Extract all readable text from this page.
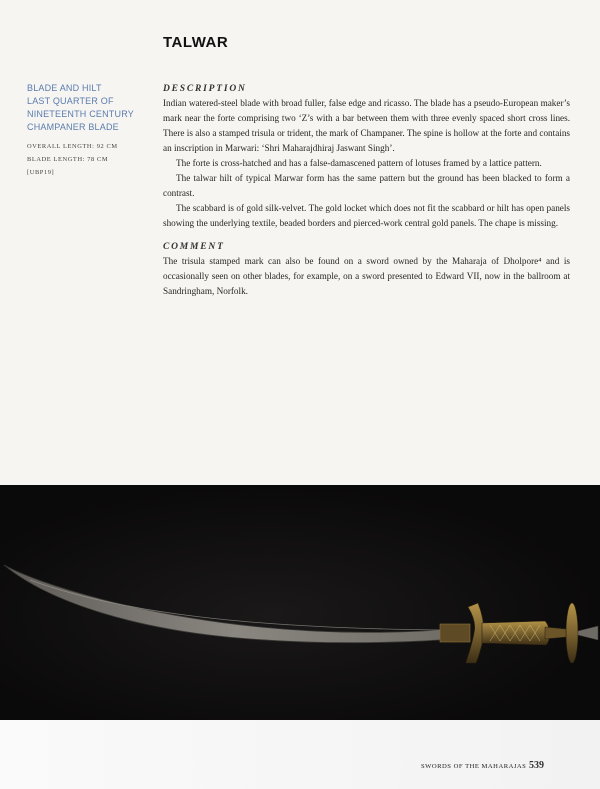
TALWAR
BLADE AND HILT
LAST QUARTER OF
NINETEENTH CENTURY
CHAMPANER BLADE
OVERALL LENGTH: 92 CM
BLADE LENGTH: 78 CM
[UBP19]
DESCRIPTION

Indian watered-steel blade with broad fuller, false edge and ricasso. The blade has a pseudo-European maker’s mark near the forte comprising two ‘Z’s with a bar between them with three evenly spaced short cross lines. There is also a stamped trisula or trident, the mark of Champaner. The spine is hollow at the forte and contains an inscription in Marwari: ‘Shri Maharajdhiraj Jaswant Singh’.

The forte is cross-hatched and has a false-damascened pattern of lotuses framed by a lattice pattern.

The talwar hilt of typical Marwar form has the same pattern but the ground has been blacked to form a contrast.

The scabbard is of gold silk-velvet. The gold locket which does not fit the scabbard or hilt has open panels showing the underlying textile, beaded borders and pierced-work central gold panels. The chape is missing.

COMMENT

The trisula stamped mark can also be found on a sword owned by the Maharaja of Dholpore⁴ and is occasionally seen on other blades, for example, on a sword presented to Edward VII, now in the ballroom at Sandringham, Norfolk.

SWORDS OF THE MAHARAJAS 539
